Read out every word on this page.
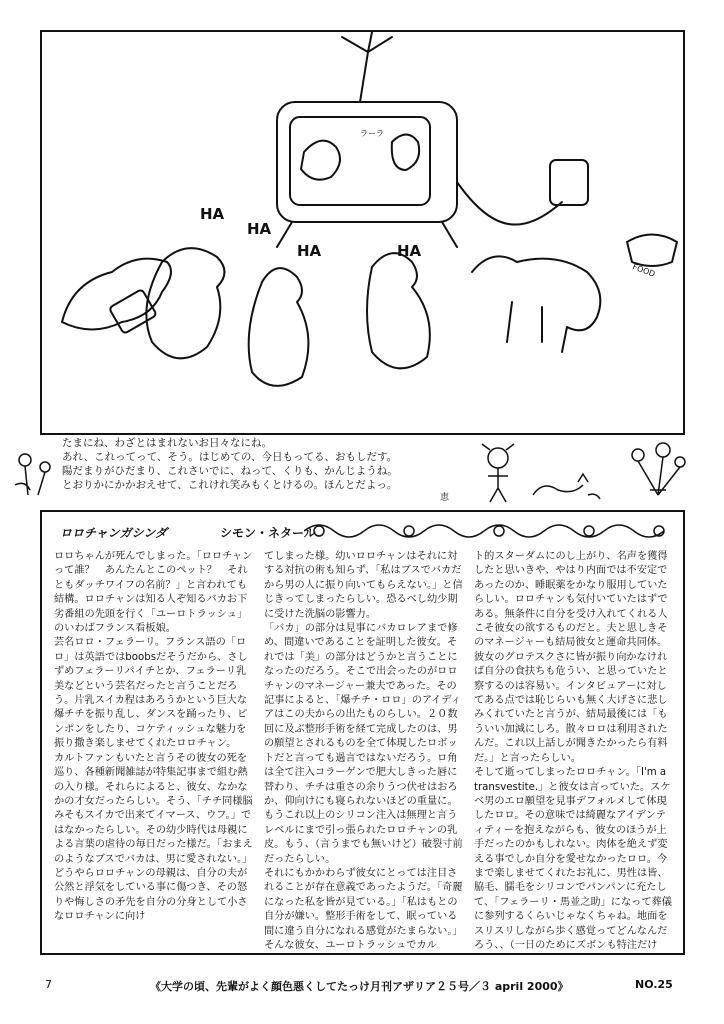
HA
HA
HA	HA
ラーラ
FOOD

たまにね、わざとはまれないお日々なにね。

あれ、これってって、そう。はじめての、今日もってる、おもしだす。

陽だまりがひだまり、これさいでに、ねって、くりも、かんじようね。

とおりかにかかおえせて、これけれ笑みもくとけるの。ほんとだよっ。

恵
ロロチャンガシンダ	シモン・ネタール

ロロちゃんが死んでしまった。「ロロチャンって誰？　あんたんとこのペット？　それともダッチワイフの名前？」と言われても結構。ロロチャンは知る人ぞ知るバカお下劣番組の先頭を行く「ユーロトラッシュ」のいわばフランス看板娘。

芸名ロロ・フェラーリ。フランス語の「ロロ」は英語ではboobsだそうだから、さしずめフェラーリパイチとか、フェラーリ乳美などという芸名だったと言うことだろう。片乳スイカ程はあろうかという巨大な爆チチを振り乱し、ダンスを踊ったり、ピンポンをしたり、コケティッシュな魅力を振り撒き楽しませてくれたロロチャン。

カルトファンもいたと言うその彼女の死を巡り、各種新聞雑誌が特集記事まで組む熱の入り様。それらによると、彼女、なかなかの才女だったらしい。そう、「チチ同様脳みそもスイカで出来てイマース、ウフ。」ではなかったらしい。その幼少時代は母親による言葉の虐待の毎日だった様だ。「おまえのようなブスでバカは、男に愛されない。」どうやらロロチャンの母親は、自分の夫が公然と浮気をしている事に傷つき、その怒りや悔しさの矛先を自分の分身として小さなロロチャンに向け

てしまった様。幼いロロチャンはそれに対する対抗の術も知らず、「私はブスでバカだから男の人に振り向いてもらえない。」と信じきってしまったらしい。恐るべし幼少期に受けた洗脳の影響力。

「バカ」の部分は見事にバカロレアまで修め、間違いであることを証明した彼女。それでは「美」の部分はどうかと言うことになったのだろう。そこで出会ったのがロロチャンのマネージャー兼夫であった。その記事によると、「爆チチ・ロロ」のアイディアはこの夫からの出たものらしい。２０数回に及ぶ整形手術を経て完成したのは、男の願望とされるものを全て体現したロボットだと言っても過言ではないだろう。ロ角は全て注入コラーゲンで肥大しきった唇に替わり、チチは重さの余りうつ伏せはおろか、仰向けにも寝られないほどの重量に。もうこれ以上のシリコン注入は無理と言うレベルにまで引っ張られたロロチャンの乳皮。もう、（言うまでも無いけど）破裂寸前だったらしい。

それにもかかわらず彼女にとっては注目されることが存在意義であったようだ。「奇麗になった私を皆が見ている。」「私はもとの自分が嫌い。整形手術をして、眠っている間に違う自分になれる感覚がたまらない。」

そんな彼女、ユーロトラッシュでカル

ト的スターダムにのし上がり、名声を獲得したと思いきや、やはり内面では不安定であったのか、睡眠薬をかなり服用していたらしい。ロロチャンも気付いていたはずである。無条件に自分を受け入れてくれる人こそ彼女の欲するものだと。夫と思しきそのマネージャーも結局彼女と運命共同体。彼女のグロテスクさに皆が振り向かなければ自分の食扶ちも危うい、と思っていたと察するのは容易い。インタビュアーに対してある点では恥じらいも無く大げさに悲しみくれていたと言うが、結局最後には「もういい加減にしろ。散々ロロは利用されたんだ。これ以上話しが聞きたかったら有料だ。」と言ったらしい。

そして逝ってしまったロロチャン。「I'm a transvestite.」と彼女は言っていた。スケベ男のエロ願望を見事デフォルメして体現したロロ。その意味では綺麗なアイデンティティーを抱えながらも、彼女のほうが上手だったのかもしれない。肉体を絶えず変える事でしか自分を愛せなかったロロ。今まで楽しませてくれたお礼に、男性は皆、脇毛、臑毛をシリコンでパンパンに充たして、「フェラーリ・馬並之助」になって葬儀に参列するくらいじゃなくちゃね。地面をスリスリしながら歩く感覚ってどんなんだろう、、（一日のためにズボンも特注だけ　

7	《大学の頃、先輩がよく顔色悪くしてたっけ月刊アザリア２５号／３ april 2000》	NO.25
